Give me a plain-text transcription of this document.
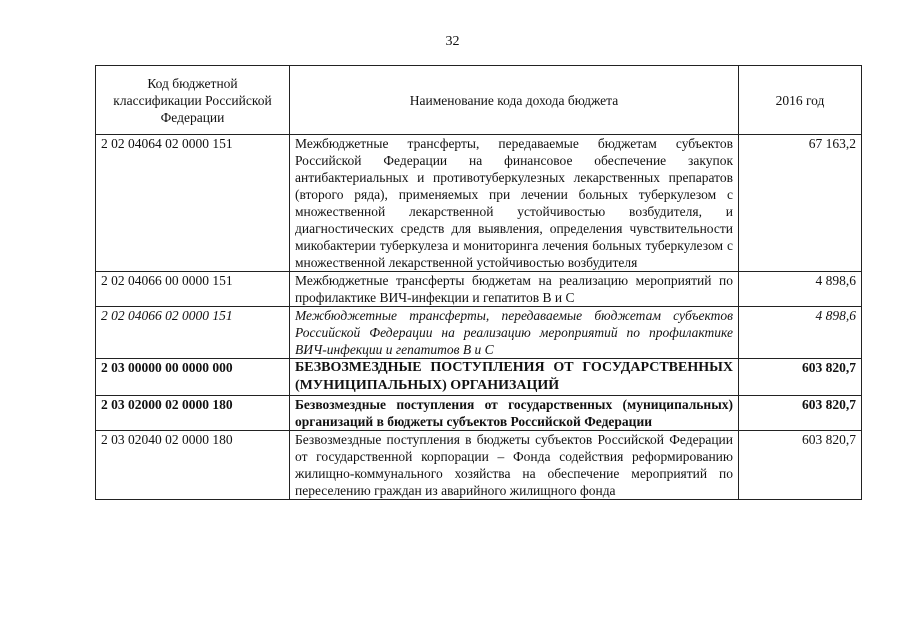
32
Код бюджетной классификации Российской Федерации	Наименование кода дохода бюджета	2016 год
2 02 04064 02 0000 151	Межбюджетные трансферты, передаваемые бюджетам субъектов Российской Федерации на финансовое обеспечение закупок антибактериальных и противотуберкулезных лекарственных препаратов (второго ряда), применяемых при лечении больных туберкулезом с множественной лекарственной устойчивостью возбудителя, и диагностических средств для выявления, определения чувствительности микобактерии туберкулеза и мониторинга лечения больных туберкулезом с множественной лекарственной устойчивостью возбудителя	67 163,2
2 02 04066 00 0000 151	Межбюджетные трансферты бюджетам на реализацию мероприятий по профилактике ВИЧ-инфекции и гепатитов B и C	4 898,6
2 02 04066 02 0000 151	Межбюджетные трансферты, передаваемые бюджетам субъектов Российской Федерации на реализацию мероприятий по профилактике ВИЧ-инфекции и гепатитов B и C	4 898,6
2 03 00000 00 0000 000	БЕЗВОЗМЕЗДНЫЕ ПОСТУПЛЕНИЯ ОТ ГОСУДАРСТВЕННЫХ (МУНИЦИПАЛЬНЫХ) ОРГАНИЗАЦИЙ	603 820,7
2 03 02000 02 0000 180	Безвозмездные поступления от государственных (муниципальных) организаций в бюджеты субъектов Российской Федерации	603 820,7
2 03 02040 02 0000 180	Безвозмездные поступления в бюджеты субъектов Российской Федерации от государственной корпорации – Фонда содействия реформированию жилищно-коммунального хозяйства на обеспечение мероприятий по переселению граждан из аварийного жилищного фонда	603 820,7
